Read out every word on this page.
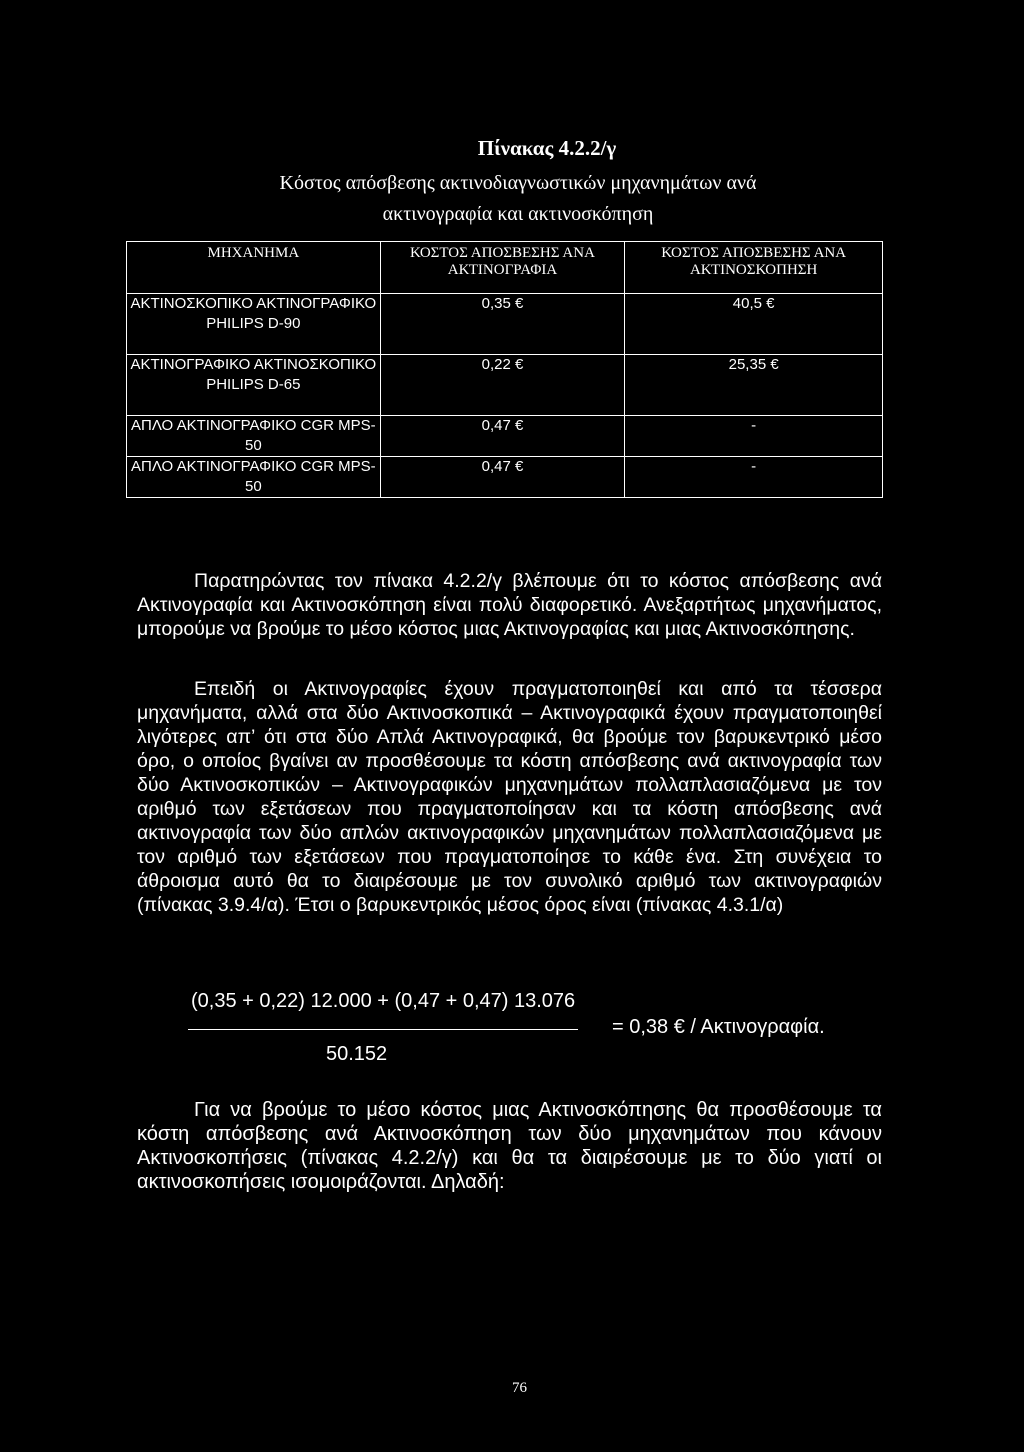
Πίνακας 4.2.2/γ
Κόστος απόσβεσης ακτινοδιαγνωστικών μηχανημάτων ανά
ακτινογραφία και ακτινοσκόπηση
ΜΗΧΑΝΗΜΑ	ΚΟΣΤΟΣ ΑΠΟΣΒΕΣΗΣ ΑΝΑ ΑΚΤΙΝΟΓΡΑΦΙΑ	ΚΟΣΤΟΣ ΑΠΟΣΒΕΣΗΣ ΑΝΑ ΑΚΤΙΝΟΣΚΟΠΗΣΗ
ΑΚΤΙΝΟΣΚΟΠΙΚΟ ΑΚΤΙΝΟΓΡΑΦΙΚΟ PHILIPS D-90	0,35 €	40,5 €
ΑΚΤΙΝΟΓΡΑΦΙΚΟ ΑΚΤΙΝΟΣΚΟΠΙΚΟ PHILIPS D-65	0,22 €	25,35 €
ΑΠΛΟ ΑΚΤΙΝΟΓΡΑΦΙΚΟ CGR MPS-50	0,47 €	-
ΑΠΛΟ ΑΚΤΙΝΟΓΡΑΦΙΚΟ CGR MPS-50	0,47 €	-

Παρατηρώντας τον πίνακα 4.2.2/γ βλέπουμε ότι το κόστος απόσβεσης ανά Ακτινογραφία και Ακτινοσκόπηση είναι πολύ διαφορετικό. Ανεξαρτήτως μηχανήματος, μπορούμε να βρούμε το μέσο κόστος μιας Ακτινογραφίας και μιας Ακτινοσκόπησης.

Επειδή οι Ακτινογραφίες έχουν πραγματοποιηθεί και από τα τέσσερα μηχανήματα, αλλά στα δύο Ακτινοσκοπικά – Ακτινογραφικά έχουν πραγματοποιηθεί λιγότερες απ’ ότι στα δύο Απλά Ακτινογραφικά, θα βρούμε τον βαρυκεντρικό μέσο όρο, ο οποίος βγαίνει αν προσθέσουμε τα κόστη απόσβεσης ανά ακτινογραφία των δύο Ακτινοσκοπικών – Ακτινογραφικών μηχανημάτων πολλαπλασιαζόμενα με τον αριθμό των εξετάσεων που πραγματοποίησαν και τα κόστη απόσβεσης ανά ακτινογραφία των δύο απλών ακτινογραφικών μηχανημάτων πολλαπλασιαζόμενα με τον αριθμό των εξετάσεων που πραγματοποίησε το κάθε ένα. Στη συνέχεια το άθροισμα αυτό θα το διαιρέσουμε με τον συνολικό αριθμό των ακτινογραφιών (πίνακας 3.9.4/α). Έτσι ο βαρυκεντρικός μέσος όρος είναι (πίνακας 4.3.1/α)

(0,35 + 0,22) 12.000 + (0,47 + 0,47) 13.076
= 0,38 € / Ακτινογραφία.
50.152

Για να βρούμε το μέσο κόστος μιας Ακτινοσκόπησης θα προσθέσουμε τα κόστη απόσβεσης ανά Ακτινοσκόπηση των δύο μηχανημάτων που κάνουν Ακτινοσκοπήσεις (πίνακας 4.2.2/γ) και θα τα διαιρέσουμε με το δύο γιατί οι ακτινοσκοπήσεις ισομοιράζονται. Δηλαδή:

76
